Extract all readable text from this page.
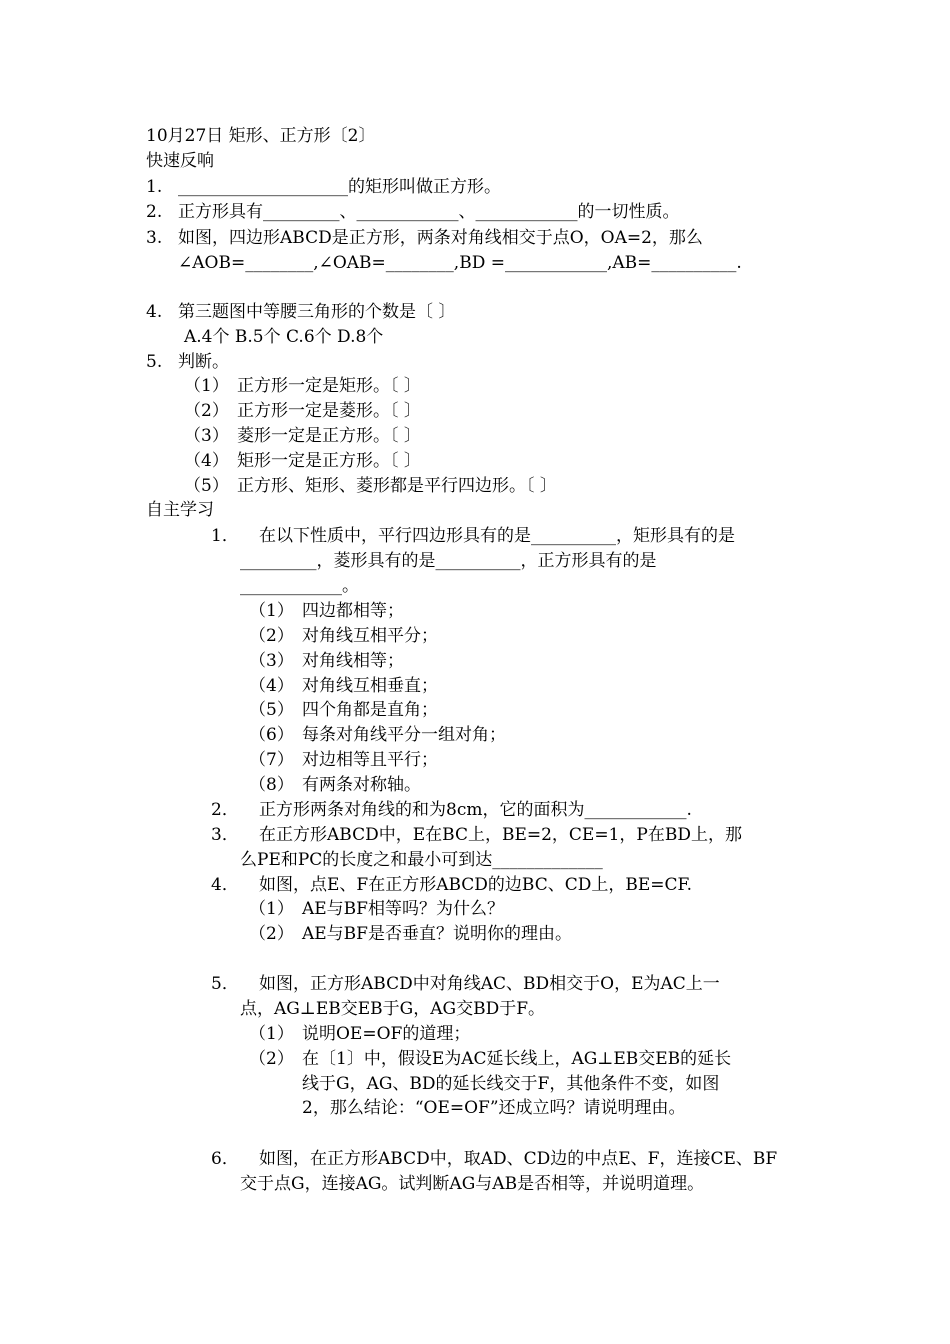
10月27日 矩形、正方形〔2〕
快速反响
1. ____________________的矩形叫做正方形。
2. 正方形具有_________、____________、____________的一切性质。
3. 如图，四边形ABCD是正方形，两条对角线相交于点O，OA=2，那么
∠AOB=________,∠OAB=________,BD =____________,AB=__________.
4. 第三题图中等腰三角形的个数是〔 〕
A.4个 B.5个 C.6个 D.8个
5. 判断。
（1） 正方形一定是矩形。〔 〕
（2） 正方形一定是菱形。〔 〕
（3） 菱形一定是正方形。〔 〕
（4） 矩形一定是正方形。〔 〕
（5） 正方形、矩形、菱形都是平行四边形。〔 〕
自主学习
1． 在以下性质中，平行四边形具有的是__________，矩形具有的是
_________，菱形具有的是__________，正方形具有的是
____________。
（1） 四边都相等；
（2） 对角线互相平分；
（3） 对角线相等；
（4） 对角线互相垂直；
（5） 四个角都是直角；
（6） 每条对角线平分一组对角；
（7） 对边相等且平行；
（8） 有两条对称轴。
2． 正方形两条对角线的和为8cm，它的面积为____________.
3． 在正方形ABCD中，E在BC上，BE=2，CE=1，P在BD上，那
么PE和PC的长度之和最小可到达_____________
4． 如图，点E、F在正方形ABCD的边BC、CD上，BE=CF.
（1） AE与BF相等吗？为什么？
（2） AE与BF是否垂直？说明你的理由。
5． 如图，正方形ABCD中对角线AC、BD相交于O，E为AC上一
点，AG⊥EB交EB于G，AG交BD于F。
（1） 说明OE=OF的道理；
（2） 在〔1〕中，假设E为AC延长线上，AG⊥EB交EB的延长
线于G，AG、BD的延长线交于F，其他条件不变，如图
2，那么结论：“OE=OF”还成立吗？请说明理由。
6． 如图，在正方形ABCD中，取AD、CD边的中点E、F，连接CE、BF
交于点G，连接AG。试判断AG与AB是否相等，并说明道理。
